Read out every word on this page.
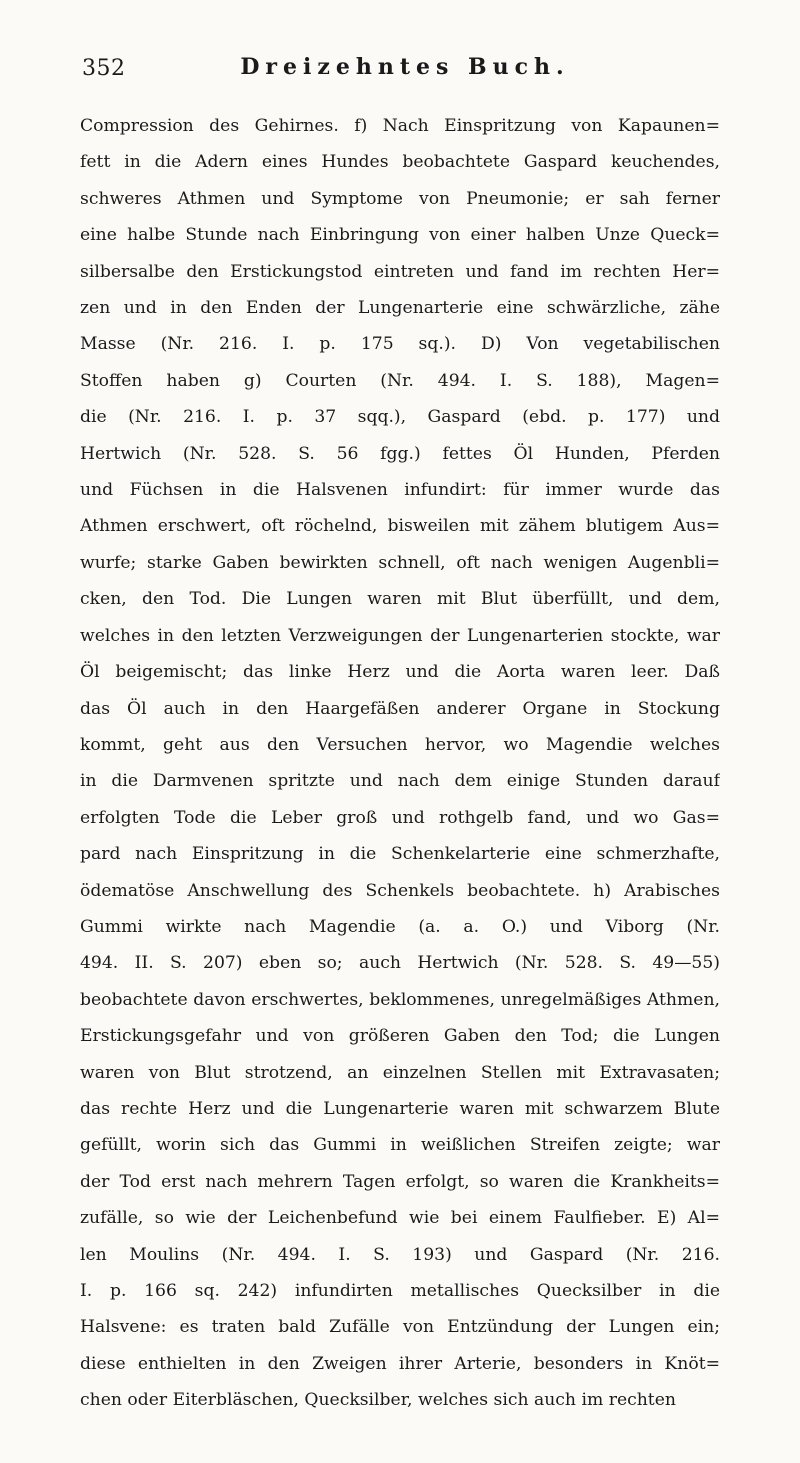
352	Dreizehntes Buch.
Compression des Gehirnes. f) Nach Einspritzung von Kapaunen=
fett in die Adern eines Hundes beobachtete Gaspard keuchendes,
schweres Athmen und Symptome von Pneumonie; er sah ferner
eine halbe Stunde nach Einbringung von einer halben Unze Queck=
silbersalbe den Erstickungstod eintreten und fand im rechten Her=
zen und in den Enden der Lungenarterie eine schwärzliche, zähe
Masse (Nr. 216. I. p. 175 sq.). D) Von vegetabilischen
Stoffen haben g) Courten (Nr. 494. I. S. 188), Magen=
die (Nr. 216. I. p. 37 sqq.), Gaspard (ebd. p. 177) und
Hertwich (Nr. 528. S. 56 fgg.) fettes Öl Hunden, Pferden
und Füchsen in die Halsvenen infundirt: für immer wurde das
Athmen erschwert, oft röchelnd, bisweilen mit zähem blutigem Aus=
wurfe; starke Gaben bewirkten schnell, oft nach wenigen Augenbli=
cken, den Tod. Die Lungen waren mit Blut überfüllt, und dem,
welches in den letzten Verzweigungen der Lungenarterien stockte, war
Öl beigemischt; das linke Herz und die Aorta waren leer. Daß
das Öl auch in den Haargefäßen anderer Organe in Stockung
kommt, geht aus den Versuchen hervor, wo Magendie welches
in die Darmvenen spritzte und nach dem einige Stunden darauf
erfolgten Tode die Leber groß und rothgelb fand, und wo Gas=
pard nach Einspritzung in die Schenkelarterie eine schmerzhafte,
ödematöse Anschwellung des Schenkels beobachtete. h) Arabisches
Gummi wirkte nach Magendie (a. a. O.) und Viborg (Nr.
494. II. S. 207) eben so; auch Hertwich (Nr. 528. S. 49—55)
beobachtete davon erschwertes, beklommenes, unregelmäßiges Athmen,
Erstickungsgefahr und von größeren Gaben den Tod; die Lungen
waren von Blut strotzend, an einzelnen Stellen mit Extravasaten;
das rechte Herz und die Lungenarterie waren mit schwarzem Blute
gefüllt, worin sich das Gummi in weißlichen Streifen zeigte; war
der Tod erst nach mehrern Tagen erfolgt, so waren die Krankheits=
zufälle, so wie der Leichenbefund wie bei einem Faulfieber. E) Al=
len Moulins (Nr. 494. I. S. 193) und Gaspard (Nr. 216.
I. p. 166 sq. 242) infundirten metallisches Quecksilber in die
Halsvene: es traten bald Zufälle von Entzündung der Lungen ein;
diese enthielten in den Zweigen ihrer Arterie, besonders in Knöt=
chen oder Eiterbläschen, Quecksilber, welches sich auch im rechten
